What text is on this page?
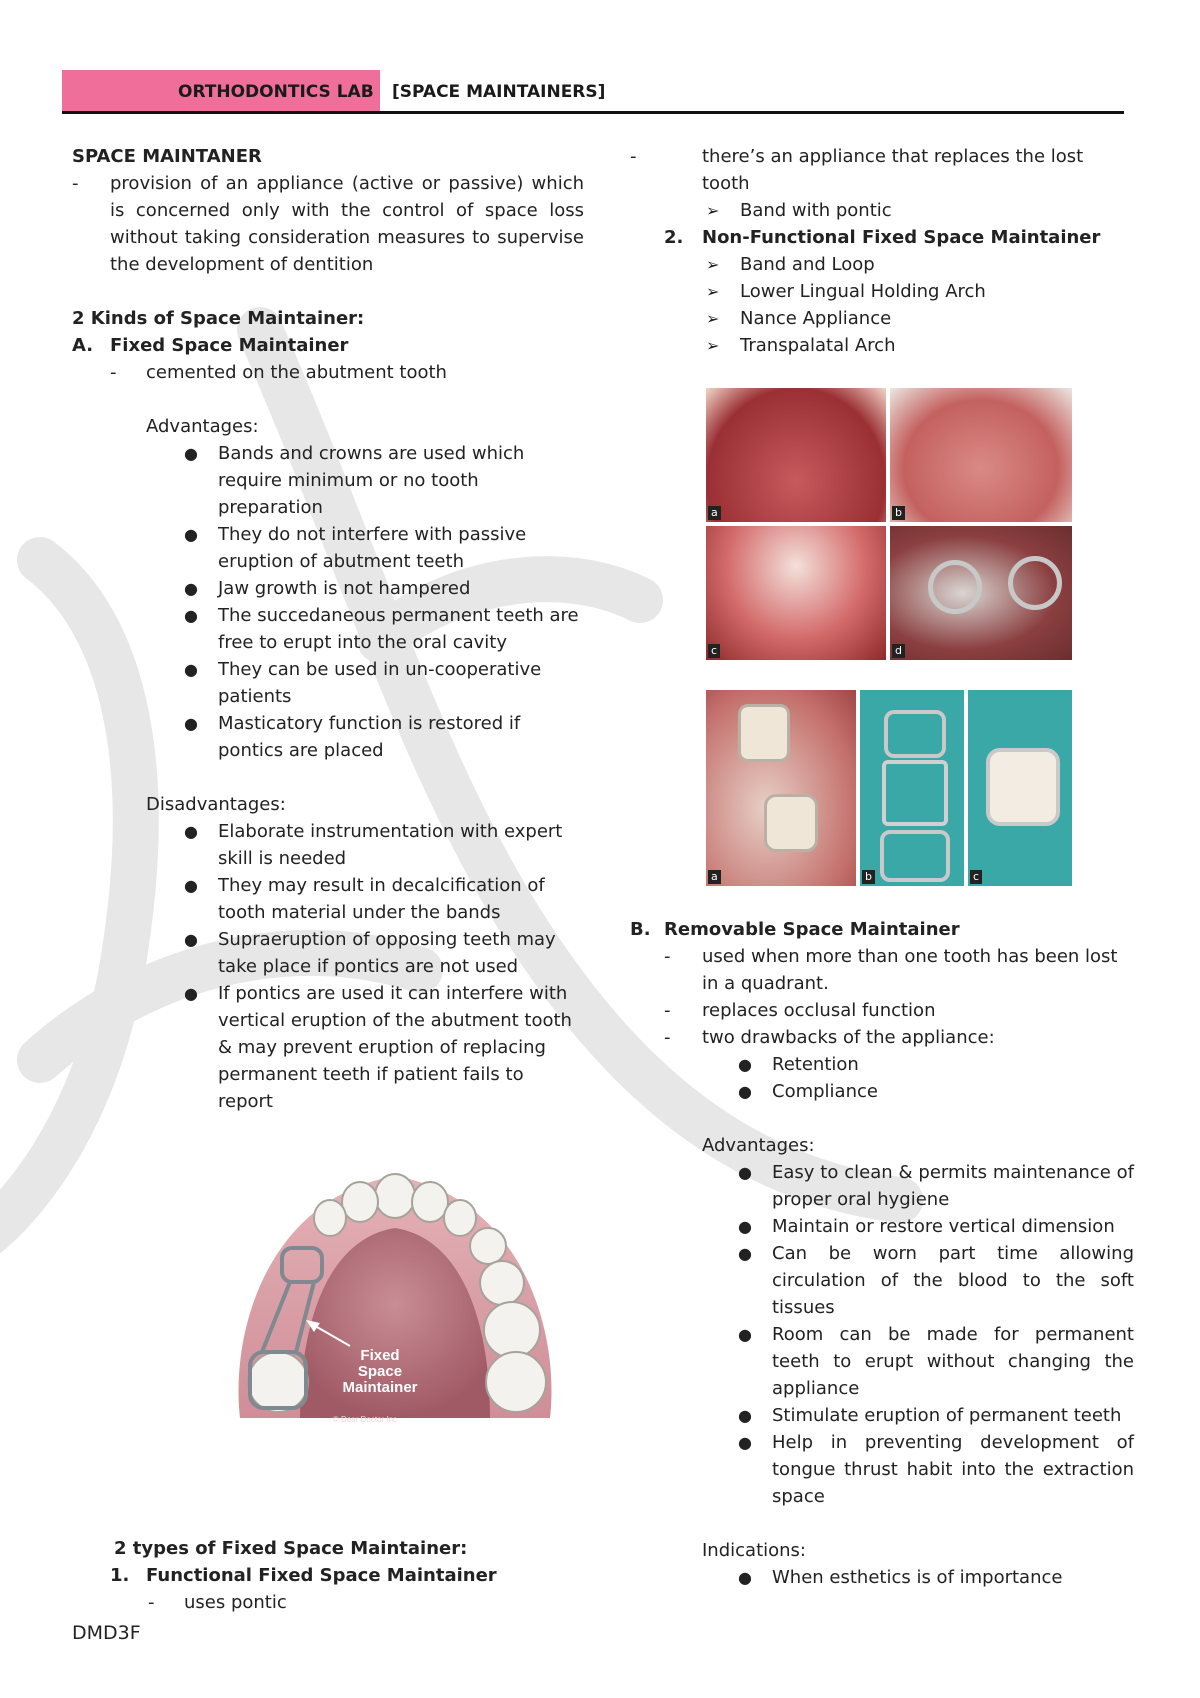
ORTHODONTICS LAB [SPACE MAINTAINERS]
SPACE MAINTANER
- provision of an appliance (active or passive) which is concerned only with the control of space loss without taking consideration measures to supervise the development of dentition
2 Kinds of Space Maintainer:
A. Fixed Space Maintainer
- cemented on the abutment tooth
Advantages:
● Bands and crowns are used which require minimum or no tooth preparation
● They do not interfere with passive eruption of abutment teeth
● Jaw growth is not hampered
● The succedaneous permanent teeth are free to erupt into the oral cavity
● They can be used in un-cooperative patients
● Masticatory function is restored if pontics are placed
Disadvantages:
● Elaborate instrumentation with expert skill is needed
● They may result in decalcification of tooth material under the bands
● Supraeruption of opposing teeth may take place if pontics are not used
● If pontics are used it can interfere with vertical eruption of the abutment tooth & may prevent eruption of replacing permanent teeth if patient fails to report
Fixed
Space
Maintainer
© Dear Doctor Inc
2 types of Fixed Space Maintainer:
1. Functional Fixed Space Maintainer
- uses pontic
DMD3F
-	there’s an appliance that replaces the lost tooth
➢ Band with pontic
2. Non-Functional Fixed Space Maintainer
➢ Band and Loop
➢ Lower Lingual Holding Arch
➢ Nance Appliance
➢ Transpalatal Arch
a	b
c	d
a	b	c
B. Removable Space Maintainer
- used when more than one tooth has been lost in a quadrant.
- replaces occlusal function
- two drawbacks of the appliance:
● Retention
● Compliance
Advantages:
● Easy to clean & permits maintenance of proper oral hygiene
● Maintain or restore vertical dimension
● Can be worn part time allowing circulation of the blood to the soft tissues
● Room can be made for permanent teeth to erupt without changing the appliance
● Stimulate eruption of permanent teeth
● Help in preventing development of tongue thrust habit into the extraction space
Indications:
● When esthetics is of importance
